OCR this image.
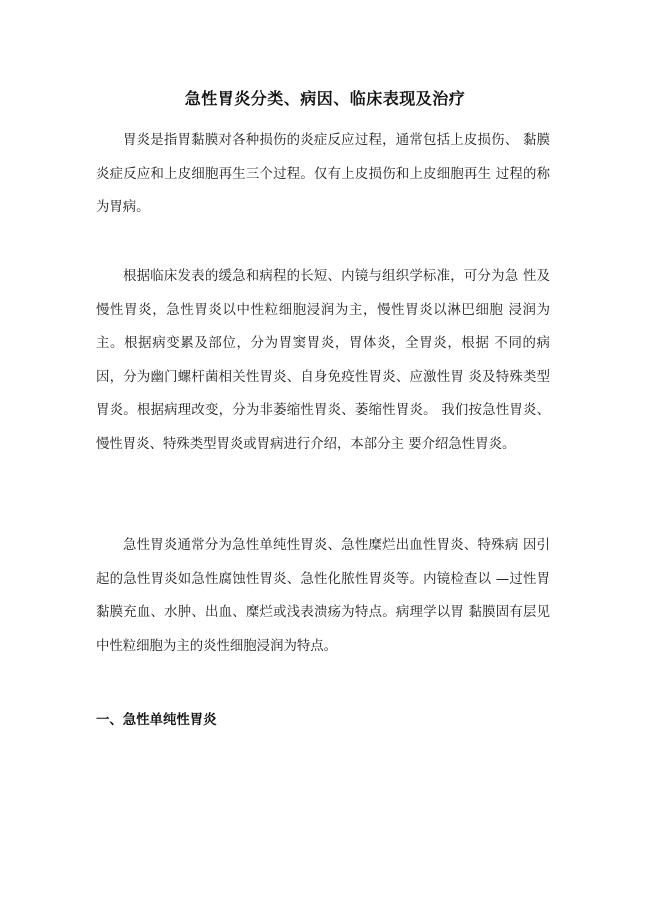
急性胃炎分类、病因、临床表现及治疗

胃炎是指胃黏膜对各种损伤的炎症反应过程，通常包括上皮损伤、 黏膜炎症反应和上皮细胞再生三个过程。仅有上皮损伤和上皮细胞再生 过程的称为胃病。

根据临床发表的缓急和病程的长短、内镜与组织学标准，可分为急 性及慢性胃炎，急性胃炎以中性粒细胞浸润为主，慢性胃炎以淋巴细胞 浸润为主。根据病变累及部位，分为胃窦胃炎，胃体炎，全胃炎，根据 不同的病因，分为幽门螺杆菌相关性胃炎、自身免疫性胃炎、应激性胃 炎及特殊类型胃炎。根据病理改变，分为非萎缩性胃炎、萎缩性胃炎。 我们按急性胃炎、慢性胃炎、特殊类型胃炎或胃病进行介绍，本部分主 要介绍急性胃炎。

急性胃炎通常分为急性单纯性胃炎、急性糜烂出血性胃炎、特殊病 因引起的急性胃炎如急性腐蚀性胃炎、急性化脓性胃炎等。内镜检查以 —过性胃黏膜充血、水肿、出血、糜烂或浅表溃疡为特点。病理学以胃 黏膜固有层见中性粒细胞为主的炎性细胞浸润为特点。

一、急性单纯性胃炎
